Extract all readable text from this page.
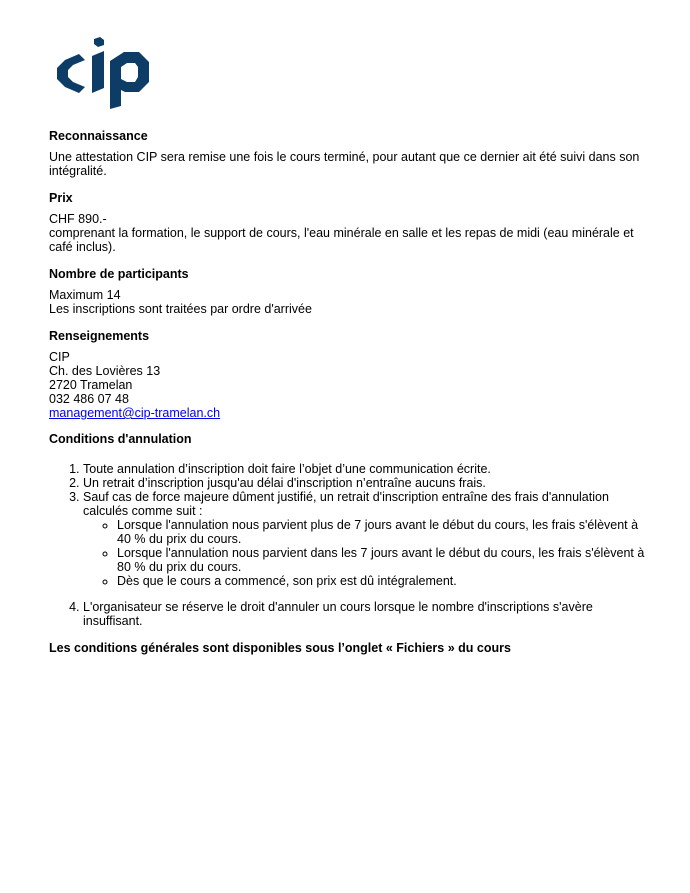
Reconnaissance

Une attestation CIP sera remise une fois le cours terminé, pour autant que ce dernier ait été suivi dans son intégralité.

Prix

CHF 890.-

comprenant la formation, le support de cours, l'eau minérale en salle et les repas de midi (eau minérale et café inclus).

Nombre de participants

Maximum 14

Les inscriptions sont traitées par ordre d'arrivée

Renseignements

CIP

Ch. des Lovières 13

2720 Tramelan

032 486 07 48

management@cip-tramelan.ch

Conditions d'annulation
1. Toute annulation d’inscription doit faire l’objet d’une communication écrite.
2. Un retrait d’inscription jusqu'au délai d'inscription n’entraîne aucuns frais.
3. Sauf cas de force majeure dûment justifié, un retrait d'inscription entraîne des frais d'annulation calculés comme suit :
◦ Lorsque l'annulation nous parvient plus de 7 jours avant le début du cours, les frais s'élèvent à 40 % du prix du cours.
◦ Lorsque l'annulation nous parvient dans les 7 jours avant le début du cours, les frais s'élèvent à 80 % du prix du cours.
◦ Dès que le cours a commencé, son prix est dû intégralement.
4. L'organisateur se réserve le droit d'annuler un cours lorsque le nombre d'inscriptions s'avère insuffisant.
Les conditions générales sont disponibles sous l’onglet « Fichiers » du cours
